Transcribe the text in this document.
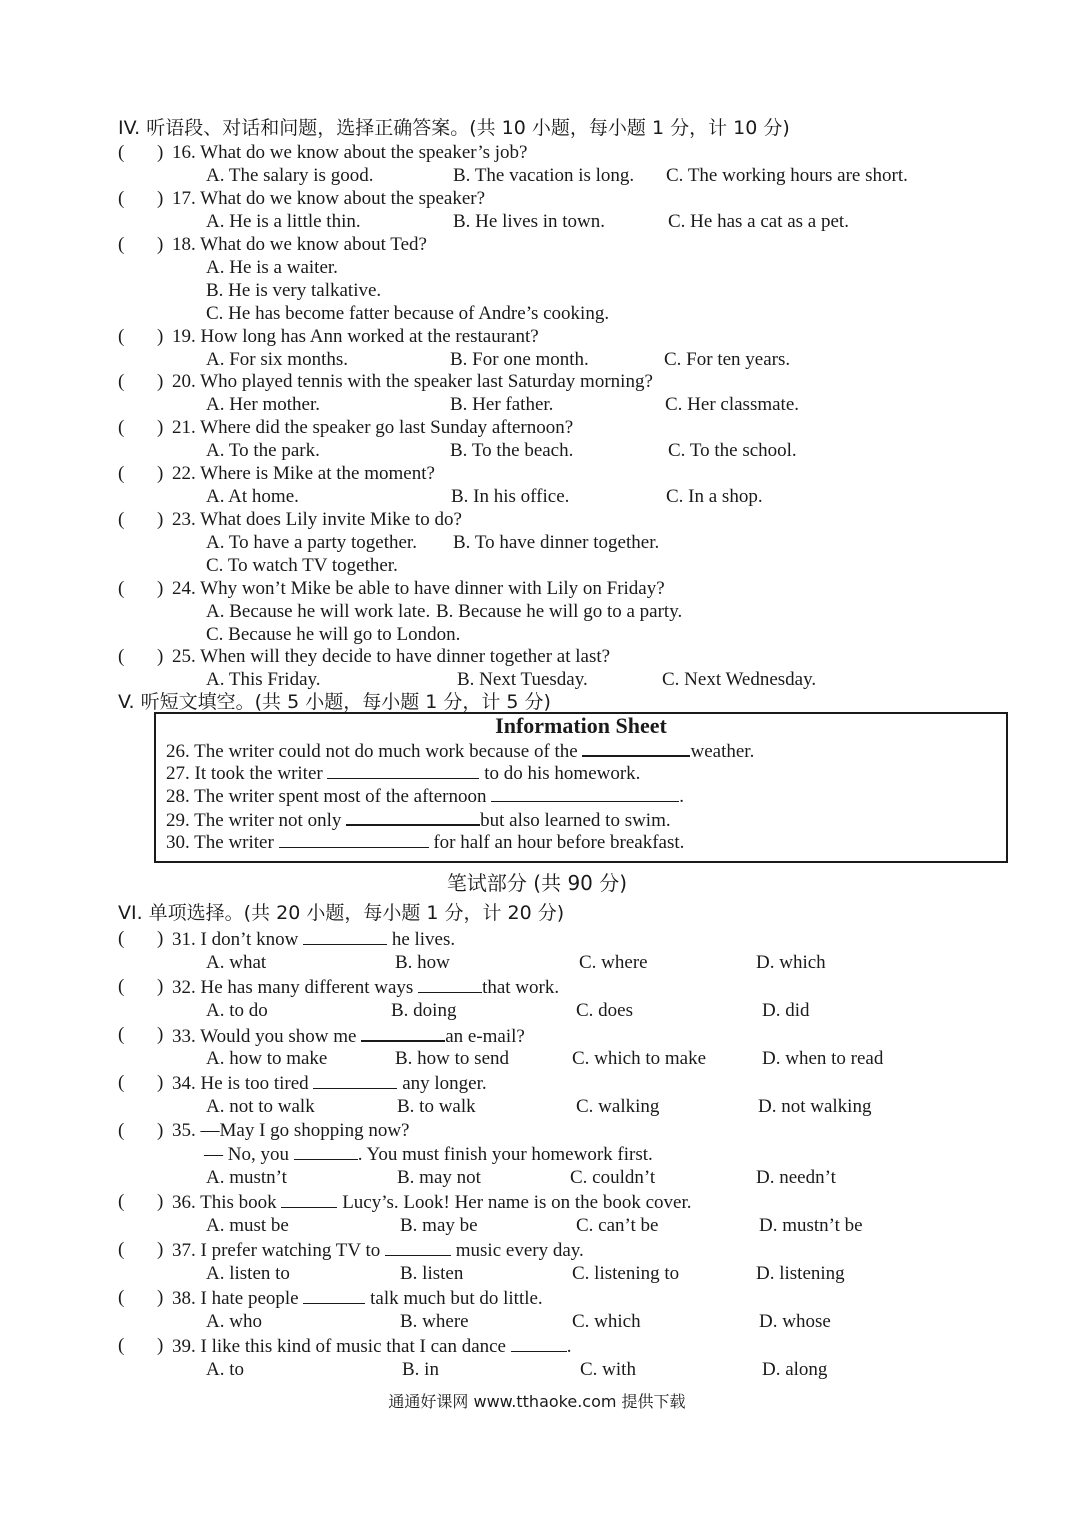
IV. 听语段、对话和问题，选择正确答案。(共 10 小题，每小题 1 分，计 10 分)
( ) 16. What do we know about the speaker’s job?
A. The salary is good.	B. The vacation is long. C. The working hours are short.
( ) 17. What do we know about the speaker?
A. He is a little thin.	B. He lives in town.	C. He has a cat as a pet.
( ) 18. What do we know about Ted?
A. He is a waiter.
B. He is very talkative.
C. He has become fatter because of Andre’s cooking.
( ) 19. How long has Ann worked at the restaurant?
A. For six months.	B. For one month.	C. For ten years.
( ) 20. Who played tennis with the speaker last Saturday morning?
A. Her mother.	B. Her father.	C. Her classmate.
( ) 21. Where did the speaker go last Sunday afternoon?
A. To the park.	B. To the beach.	C. To the school.
( ) 22. Where is Mike at the moment?
A. At home.	B. In his office.	C. In a shop.
( ) 23. What does Lily invite Mike to do?
A. To have a party together. B. To have dinner together.
C. To watch TV together.
( ) 24. Why won’t Mike be able to have dinner with Lily on Friday?
A. Because he will work late. B. Because he will go to a party.
C. Because he will go to London.
( ) 25. When will they decide to have dinner together at last?
A. This Friday.	B. Next Tuesday.	C. Next Wednesday.
V. 听短文填空。(共 5 小题，每小题 1 分，计 5 分)
Information Sheet
26. The writer could not do much work because of the	weather.
27. It took the writer	to do his homework.
28. The writer spent most of the afternoon	.
29. The writer not only	but also learned to swim.
30. The writer	for half an hour before breakfast.
笔试部分 (共 90 分)
VI. 单项选择。(共 20 小题，每小题 1 分，计 20 分)
( ) 31. I don’t know	he lives.
A. what	B. how	C. where	D. which
( ) 32. He has many different ways	that work.
A. to do	B. doing	C. does	D. did
( ) 33. Would you show me	an e-mail?
A. how to make	B. how to send	C. which to make	D. when to read
( ) 34. He is too tired	any longer.
A. not to walk	B. to walk	C. walking	D. not walking
( ) 35. —May I go shopping now?
— No, you	. You must finish your homework first.
A. mustn’t	B. may not	C. couldn’t	D. needn’t
( ) 36. This book	Lucy’s. Look! Her name is on the book cover.
A. must be	B. may be	C. can’t be	D. mustn’t be
( ) 37. I prefer watching TV to	music every day.
A. listen to	B. listen	C. listening to	D. listening
( ) 38. I hate people	talk much but do little.
A. who	B. where	C. which	D. whose
( ) 39. I like this kind of music that I can dance	.
A. to	B. in	C. with	D. along
通通好课网 www.tthaoke.com 提供下载
